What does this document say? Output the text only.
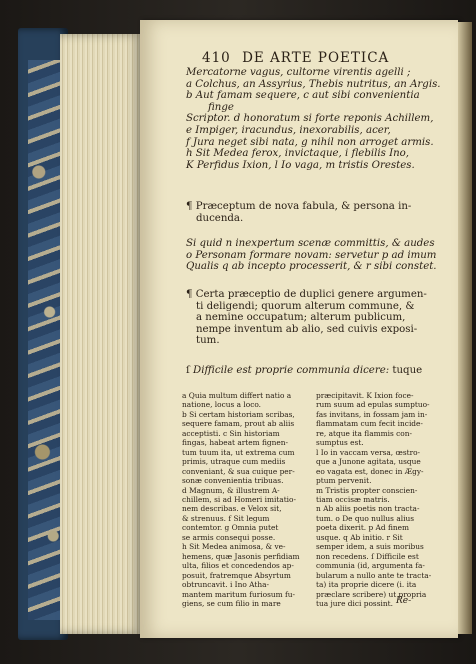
410 DE ARTE POETICA
Mercatorne vagus, cultorne virentis agelli ;
a Colchus, an Assyrius, Thebis nutritus, an Argis.
b Aut famam sequere, c aut sibi convenientia
finge
Scriptor. d honoratum si forte reponis Achillem,
e Impiger, iracundus, inexorabilis, acer,
f Jura neget sibi nata, g nihil non arroget armis.
h Sit Medea ferox, invictaque, i flebilis Ino,
K Perfidus Ixion, l Io vaga, m tristis Orestes.
¶ Præceptum de nova fabula, & persona in-
ducenda.
Si quid n inexpertum scenæ committis, & audes
o Personam formare novam: servetur p ad imum
Qualis q ab incepto processerit, & r sibi constet.
¶ Certa præceptio de duplici genere argumen-
ti deligendi; quorum alterum commune, &
a nemine occupatum; alterum publicum,
nempe inventum ab alio, sed cuivis exposi-
tum.
ſ Difficile est proprie communia dicere: tuque
a Quia multum differt natio a
natione, locus a loco.
b Si certam historiam scribas,
sequere famam, prout ab aliis
acceptisti. c Sin historiam
fingas, habeat artem fignen-
tum tuum ita, ut extrema cum
primis, utraque cum mediis
conveniant, & sua cuique per-
sonæ convenientia tribuas.
d Magnum, & illustrem A-
chillem, si ad Homeri imitatio-
nem describas. e Velox sit,
& strenuus. f Sit legum
contemtor. g Omnia putet
se armis consequi posse.
h Sit Medea animosa, & ve-
hemens, quæ Jasonis perfidiam
ulta, filios et concedendos ap-
posuit, fratremque Absyrtum
obtruncavit. i Ino Atha-
mantem maritum furiosum fu-
giens, se cum filio in mare
præcipitavit. K Ixion foce-
rum suum ad epulas sumptuo-
fas invitans, in fossam jam in-
flammatam cum fecit incide-
re, atque ita flammis con-
sumptus est.
l Io in vaccam versa, œstro-
que a Junone agitata, usque
eo vagata est, donec in Ægy-
ptum pervenit.
m Tristis propter conscien-
tiam occisæ matris.
n Ab aliis poetis non tracta-
tum. o De quo nullus alius
poeta dixerit. p Ad finem
usque. q Ab initio. r Sit
semper idem, a suis moribus
non recedens. ſ Difficile est
communia (id, argumenta fa-
bularum a nullo ante te tracta-
ta) ita proprie dicere (i. ita
præclare scribere) ut propria
tua jure dici possint. Re-
